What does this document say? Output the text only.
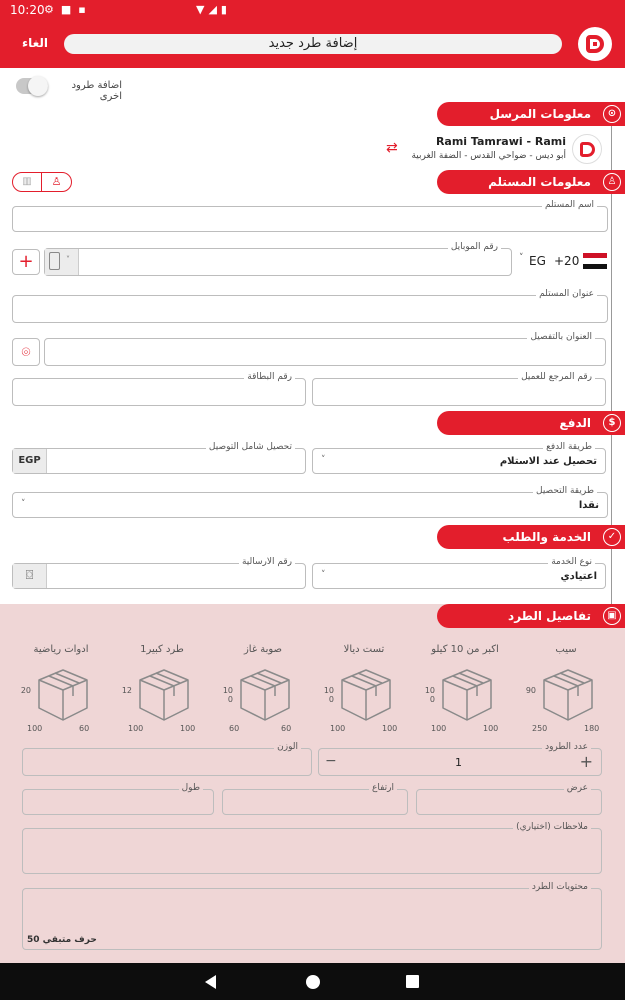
10:20 ⚙■▪	▼◢▮
الغاء	إضافة طرد جديد
اضافة طرود اخرى
معلومات المرسل	⊙
Rami Tamrawi - Rami
أبو ديس - ضواحي القدس - الضفة الغربية
⇄
▥	♙	معلومات المستلم	♙
اسم المستلم
+20
EG
˅
رقم الموبايل
˅
+
عنوان المستلم
⌾
العنوان بالتفصيل
رقم المرجع للعميل
رقم البطاقة
الدفع	$
طريقة الدفع
تحصيل عند الاستلام
˅
تحصيل شامل التوصيل
EGP
طريقة التحصيل
نقدا
˅
الخدمة والطلب	✓
نوع الخدمة
اعتيادي
˅
رقم الارسالية
⌼
تفاصيل الطرد	▣
سيب
90
250	180
اكبر من 10 كيلو
10
0
100	100
تست ديالا
10
0
100	100
صوبة غاز
10
0
60	60
طرد كبير1
12
100	100
ادوات رياضية
20
100	60
عدد الطرود
+
1
−
الوزن
عرض
ارتفاع
طول
ملاحظات (اختياري)
محتويات الطرد
50 حرف متبقي
